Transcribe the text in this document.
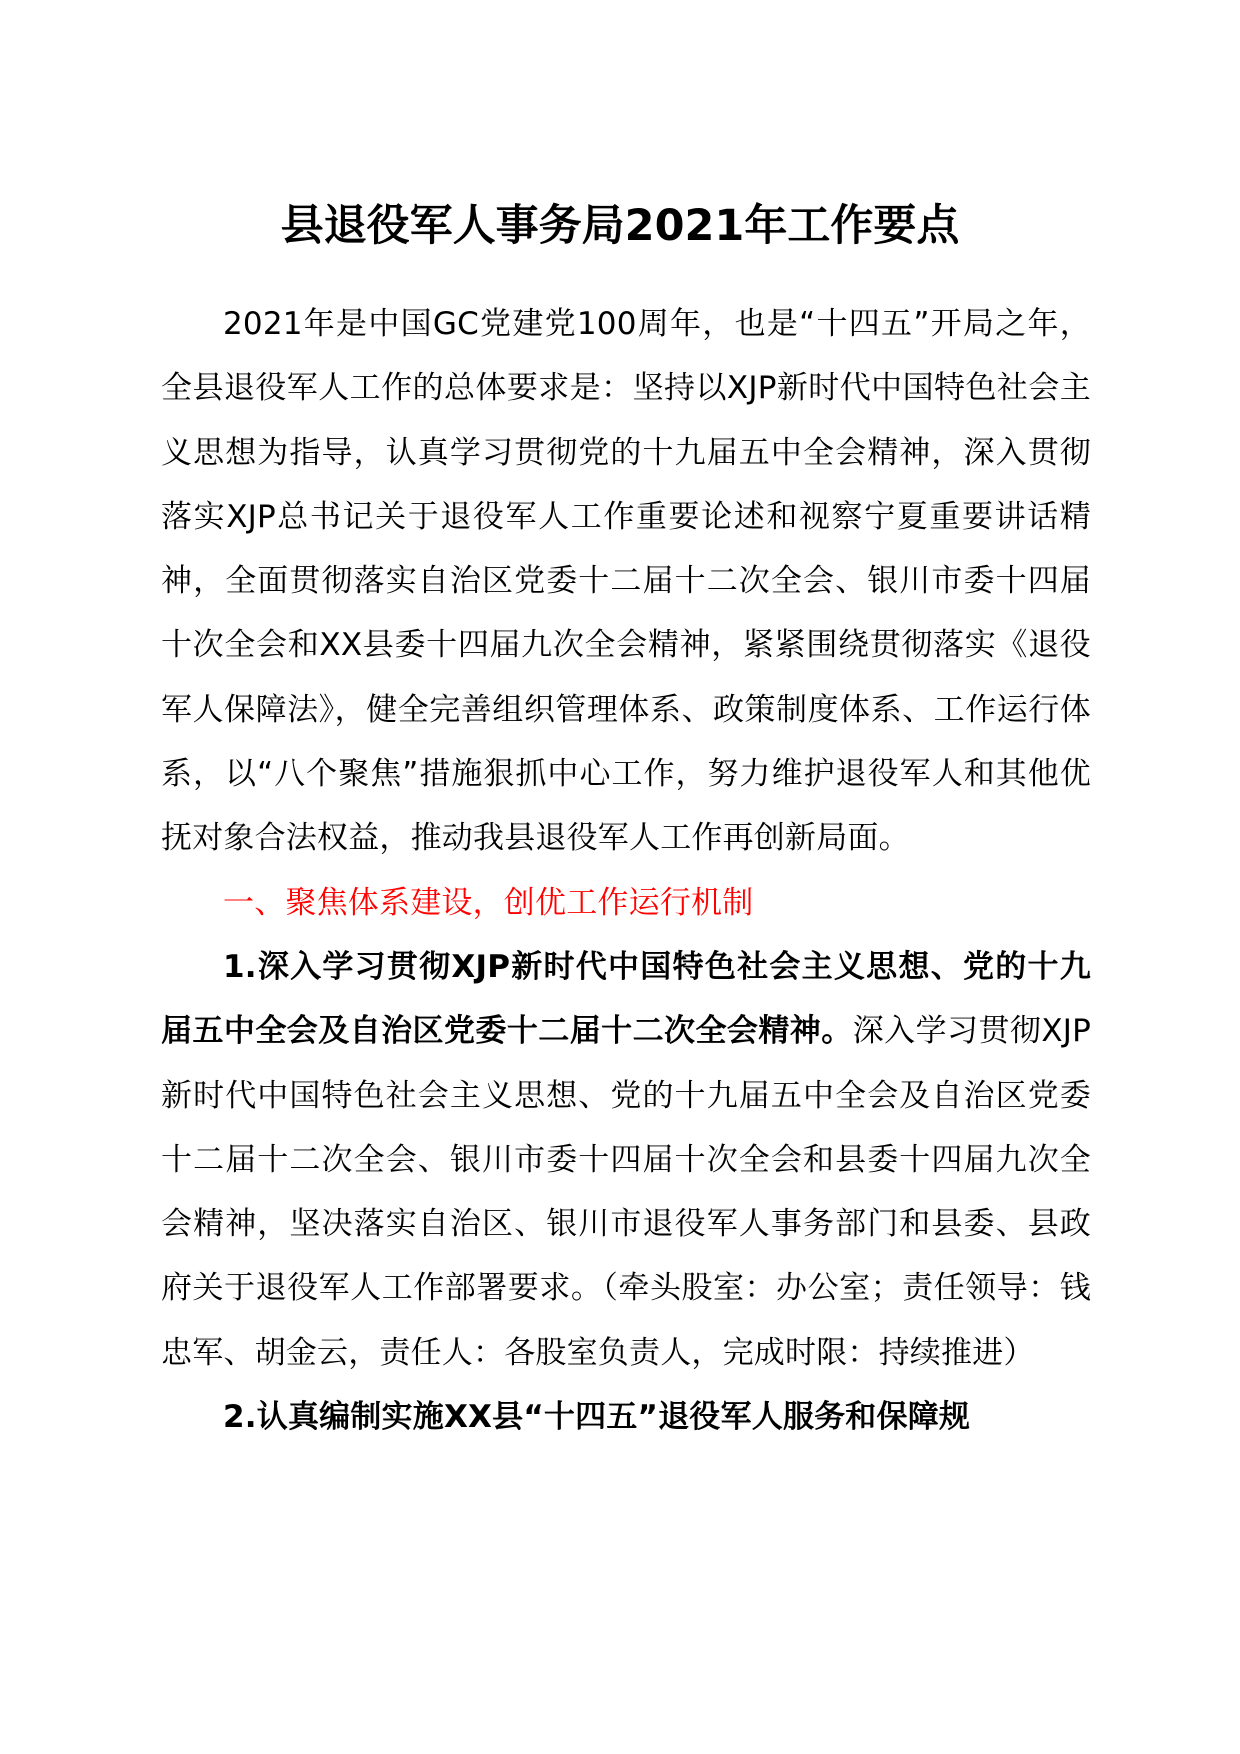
县退役军人事务局2021年工作要点

2021年是中国GC党建党100周年，也是“十四五”开局之年，全县退役军人工作的总体要求是：坚持以XJP新时代中国特色社会主义思想为指导，认真学习贯彻党的十九届五中全会精神，深入贯彻落实XJP总书记关于退役军人工作重要论述和视察宁夏重要讲话精神，全面贯彻落实自治区党委十二届十二次全会、银川市委十四届十次全会和XX县委十四届九次全会精神，紧紧围绕贯彻落实《退役军人保障法》，健全完善组织管理体系、政策制度体系、工作运行体系，以“八个聚焦”措施狠抓中心工作，努力维护退役军人和其他优抚对象合法权益，推动我县退役军人工作再创新局面。

一、聚焦体系建设，创优工作运行机制

1.深入学习贯彻XJP新时代中国特色社会主义思想、党的十九届五中全会及自治区党委十二届十二次全会精神。深入学习贯彻XJP新时代中国特色社会主义思想、党的十九届五中全会及自治区党委十二届十二次全会、银川市委十四届十次全会和县委十四届九次全会精神，坚决落实自治区、银川市退役军人事务部门和县委、县政府关于退役军人工作部署要求。（牵头股室：办公室；责任领导：钱忠军、胡金云，责任人：各股室负责人，完成时限：持续推进）

2.认真编制实施XX县“十四五”退役军人服务和保障规
